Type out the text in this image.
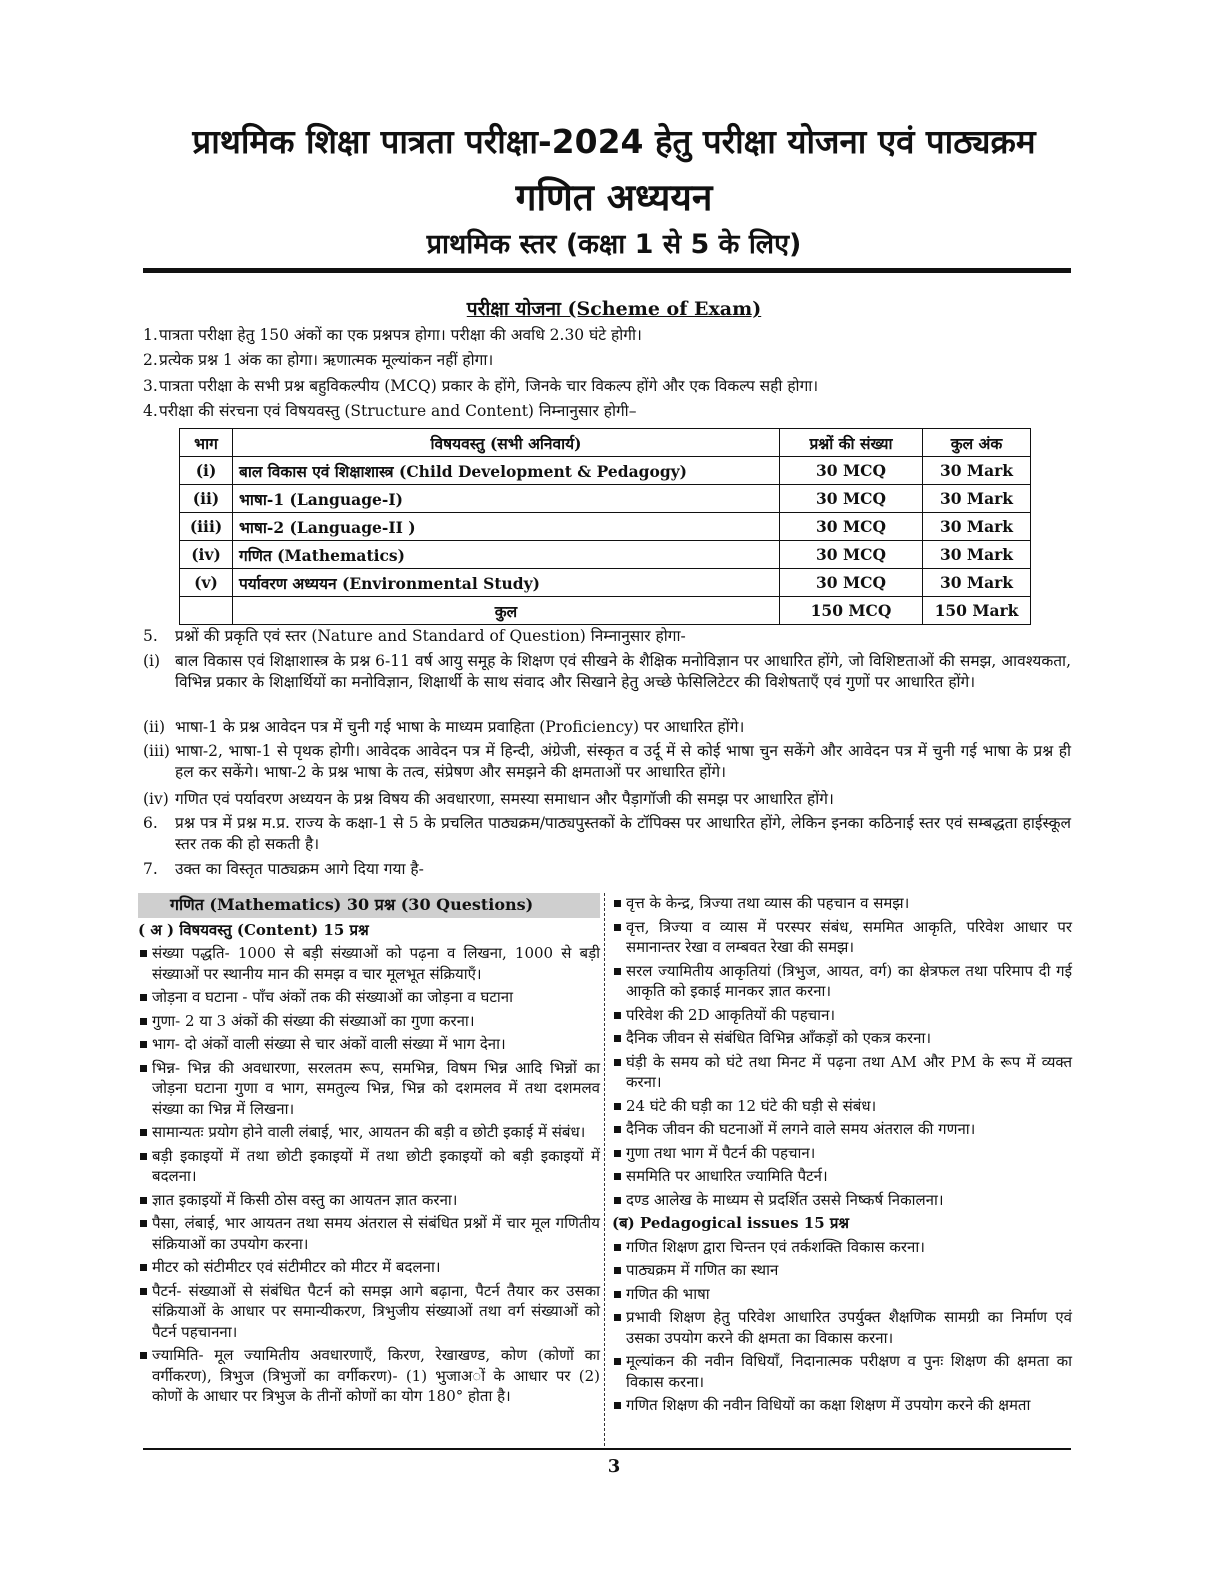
प्राथमिक शिक्षा पात्रता परीक्षा-2024 हेतु परीक्षा योजना एवं पाठ्यक्रम
गणित अध्ययन
प्राथमिक स्तर (कक्षा 1 से 5 के लिए)
परीक्षा योजना (Scheme of Exam)
1. पात्रता परीक्षा हेतु 150 अंकों का एक प्रश्नपत्र होगा। परीक्षा की अवधि 2.30 घंटे होगी।
2. प्रत्येक प्रश्न 1 अंक का होगा। ऋणात्मक मूल्यांकन नहीं होगा।
3. पात्रता परीक्षा के सभी प्रश्न बहुविकल्पीय (MCQ) प्रकार के होंगे, जिनके चार विकल्प होंगे और एक विकल्प सही होगा।
4. परीक्षा की संरचना एवं विषयवस्तु (Structure and Content) निम्नानुसार होगी–
भाग	विषयवस्तु (सभी अनिवार्य)	प्रश्नों की संख्या	कुल अंक
(i)	बाल विकास एवं शिक्षाशास्त्र (Child Development & Pedagogy)	30 MCQ	30 Mark
(ii)	भाषा-1 (Language-I)	30 MCQ	30 Mark
(iii)	भाषा-2 (Language-II )	30 MCQ	30 Mark
(iv)	गणित (Mathematics)	30 MCQ	30 Mark
(v)	पर्यावरण अध्ययन (Environmental Study)	30 MCQ	30 Mark
	कुल	150 MCQ	150 Mark
5.	प्रश्नों की प्रकृति एवं स्तर (Nature and Standard of Question) निम्नानुसार होगा-
(i) बाल विकास एवं शिक्षाशास्त्र के प्रश्न 6-11 वर्ष आयु समूह के शिक्षण एवं सीखने के शैक्षिक मनोविज्ञान पर आधारित होंगे, जो विशिष्टताओं की समझ, आवश्यकता, विभिन्न प्रकार के शिक्षार्थियों का मनोविज्ञान, शिक्षार्थी के साथ संवाद और सिखाने हेतु अच्छे फेसिलिटेटर की विशेषताएँ एवं गुणों पर आधारित होंगे।
(ii) भाषा-1 के प्रश्न आवेदन पत्र में चुनी गई भाषा के माध्यम प्रवाहिता (Proficiency) पर आधारित होंगे।
(iii) भाषा-2, भाषा-1 से पृथक होगी। आवेदक आवेदन पत्र में हिन्दी, अंग्रेजी, संस्कृत व उर्दू में से कोई भाषा चुन सकेंगे और आवेदन पत्र में चुनी गई भाषा के प्रश्न ही हल कर सकेंगे। भाषा-2 के प्रश्न भाषा के तत्व, संप्रेषण और समझने की क्षमताओं पर आधारित होंगे।
(iv) गणित एवं पर्यावरण अध्ययन के प्रश्न विषय की अवधारणा, समस्या समाधान और पैड़ागॉजी की समझ पर आधारित होंगे।
6.	प्रश्न पत्र में प्रश्न म.प्र. राज्य के कक्षा-1 से 5 के प्रचलित पाठ्यक्रम/पाठ्यपुस्तकों के टॉपिक्स पर आधारित होंगे, लेकिन इनका कठिनाई स्तर एवं सम्बद्धता हाईस्कूल स्तर तक की हो सकती है।
7.	उक्त का विस्तृत पाठ्यक्रम आगे दिया गया है-
गणित (Mathematics) 30 प्रश्न (30 Questions)
( अ ) विषयवस्तु (Content) 15 प्रश्न
संख्या पद्धति- 1000 से बड़ी संख्याओं को पढ़ना व लिखना, 1000 से बड़ी संख्याओं पर स्थानीय मान की समझ व चार मूलभूत संक्रियाएँ।
जोड़ना व घटाना - पाँच अंकों तक की संख्याओं का जोड़ना व घटाना
गुणा- 2 या 3 अंकों की संख्या की संख्याओं का गुणा करना।
भाग- दो अंकों वाली संख्या से चार अंकों वाली संख्या में भाग देना।
भिन्न- भिन्न की अवधारणा, सरलतम रूप, समभिन्न, विषम भिन्न आदि भिन्नों का जोड़ना घटाना गुणा व भाग, समतुल्य भिन्न, भिन्न को दशमलव में तथा दशमलव संख्या का भिन्न में लिखना।
सामान्यतः प्रयोग होने वाली लंबाई, भार, आयतन की बड़ी व छोटी इकाई में संबंध।
बड़ी इकाइयों में तथा छोटी इकाइयों में तथा छोटी इकाइयों को बड़ी इकाइयों में बदलना।
ज्ञात इकाइयों में किसी ठोस वस्तु का आयतन ज्ञात करना।
पैसा, लंबाई, भार आयतन तथा समय अंतराल से संबंधित प्रश्नों में चार मूल गणितीय संक्रियाओं का उपयोग करना।
मीटर को संटीमीटर एवं संटीमीटर को मीटर में बदलना।
पैटर्न- संख्याओं से संबंधित पैटर्न को समझ आगे बढ़ाना, पैटर्न तैयार कर उसका संक्रियाओं के आधार पर समान्यीकरण, त्रिभुजीय संख्याओं तथा वर्ग संख्याओं को पैटर्न पहचानना।
ज्यामिति- मूल ज्यामितीय अवधारणाएँ, किरण, रेखाखण्ड, कोण (कोणों का वर्गीकरण), त्रिभुज (त्रिभुजों का वर्गीकरण)- (1) भुजाअों के आधार पर (2) कोणों के आधार पर त्रिभुज के तीनों कोणों का योग 180° होता है।
वृत्त के केन्द्र, त्रिज्या तथा व्यास की पहचान व समझ।
वृत्त, त्रिज्या व व्यास में परस्पर संबंध, सममित आकृति, परिवेश आधार पर समानान्तर रेखा व लम्बवत रेखा की समझ।
सरल ज्यामितीय आकृतियां (त्रिभुज, आयत, वर्ग) का क्षेत्रफल तथा परिमाप दी गई आकृति को इकाई मानकर ज्ञात करना।
परिवेश की 2D आकृतियों की पहचान।
दैनिक जीवन से संबंधित विभिन्न आँकड़ों को एकत्र करना।
घंड़ी के समय को घंटे तथा मिनट में पढ़ना तथा AM और PM के रूप में व्यक्त करना।
24 घंटे की घड़ी का 12 घंटे की घड़ी से संबंध।
दैनिक जीवन की घटनाओं में लगने वाले समय अंतराल की गणना।
गुणा तथा भाग में पैटर्न की पहचान।
सममिति पर आधारित ज्यामिति पैटर्न।
दण्ड आलेख के माध्यम से प्रदर्शित उससे निष्कर्ष निकालना।
(ब) Pedagogical issues 15 प्रश्न
गणित शिक्षण द्वारा चिन्तन एवं तर्कशक्ति विकास करना।
पाठ्यक्रम में गणित का स्थान
गणित की भाषा
प्रभावी शिक्षण हेतु परिवेश आधारित उपर्युक्त शैक्षणिक सामग्री का निर्माण एवं उसका उपयोग करने की क्षमता का विकास करना।
मूल्यांकन की नवीन विधियाँ, निदानात्मक परीक्षण व पुनः शिक्षण की क्षमता का विकास करना।
गणित शिक्षण की नवीन विधियों का कक्षा शिक्षण में उपयोग करने की क्षमता
3
